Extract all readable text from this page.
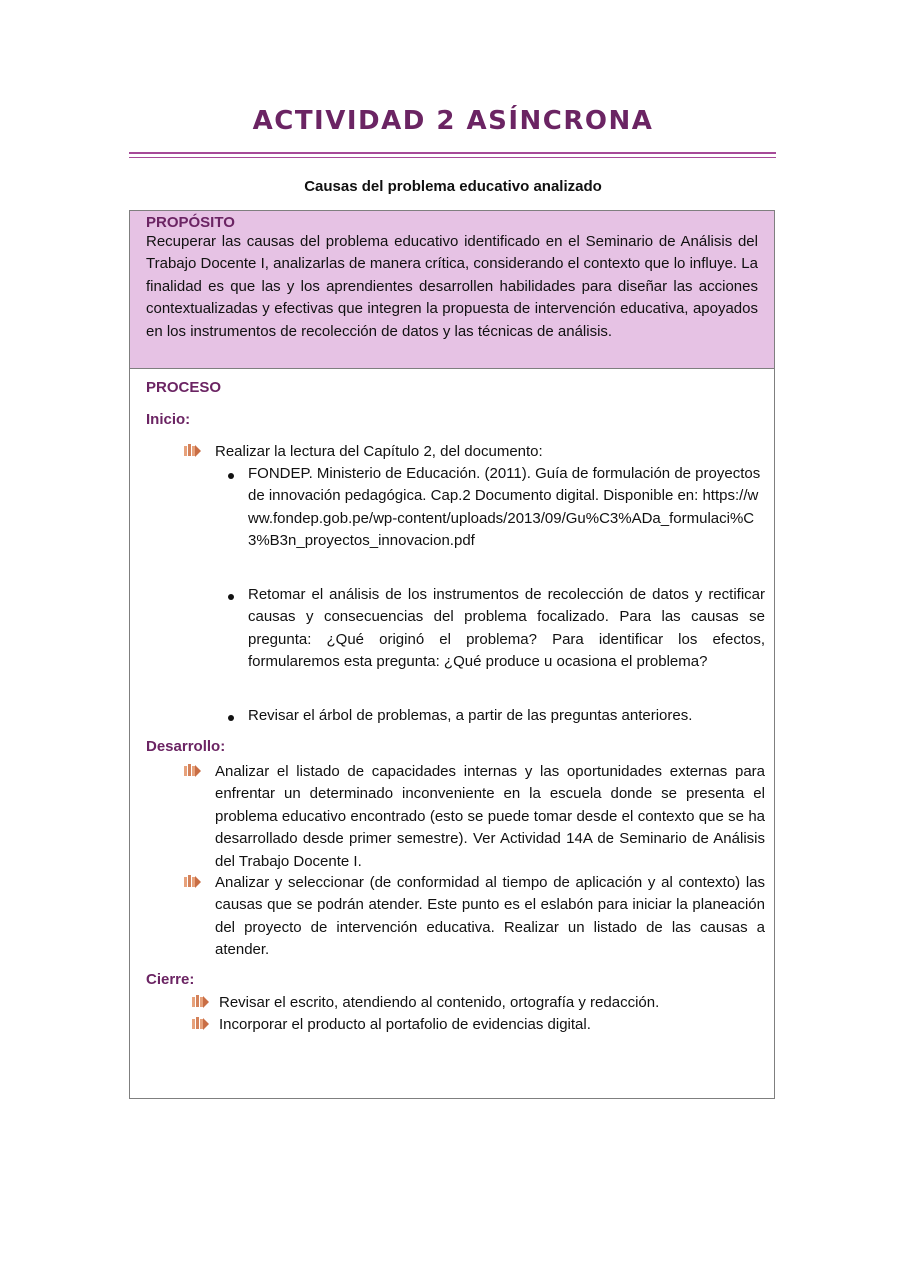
ACTIVIDAD 2 ASÍNCRONA
Causas del problema educativo analizado
PROPÓSITO
Recuperar las causas del problema educativo identificado en el Seminario de Análisis del Trabajo Docente I, analizarlas de manera crítica, considerando el contexto que lo influye. La finalidad es que las y los aprendientes desarrollen habilidades para diseñar las acciones contextualizadas y efectivas que integren la propuesta de intervención educativa, apoyados en los instrumentos de recolección de datos y las técnicas de análisis.
PROCESO
Inicio:
Realizar la lectura del Capítulo 2, del documento:
FONDEP. Ministerio de Educación. (2011). Guía de formulación de proyectos de innovación pedagógica. Cap.2 Documento digital. Disponible en: https://www.fondep.gob.pe/wp-content/uploads/2013/09/Gu%C3%ADa_formulaci%C3%B3n_proyectos_innovacion.pdf
Retomar el análisis de los instrumentos de recolección de datos y rectificar causas y consecuencias del problema focalizado. Para las causas se pregunta: ¿Qué originó el problema? Para identificar los efectos, formularemos esta pregunta: ¿Qué produce u ocasiona el problema?
Revisar el árbol de problemas, a partir de las preguntas anteriores.
Desarrollo:
Analizar el listado de capacidades internas y las oportunidades externas para enfrentar un determinado inconveniente en la escuela donde se presenta el problema educativo encontrado (esto se puede tomar desde el contexto que se ha desarrollado desde primer semestre). Ver Actividad 14A de Seminario de Análisis del Trabajo Docente I.
Analizar y seleccionar (de conformidad al tiempo de aplicación y al contexto) las causas que se podrán atender. Este punto es el eslabón para iniciar la planeación del proyecto de intervención educativa. Realizar un listado de las causas a atender.
Cierre:
Revisar el escrito, atendiendo al contenido, ortografía y redacción.
Incorporar el producto al portafolio de evidencias digital.
